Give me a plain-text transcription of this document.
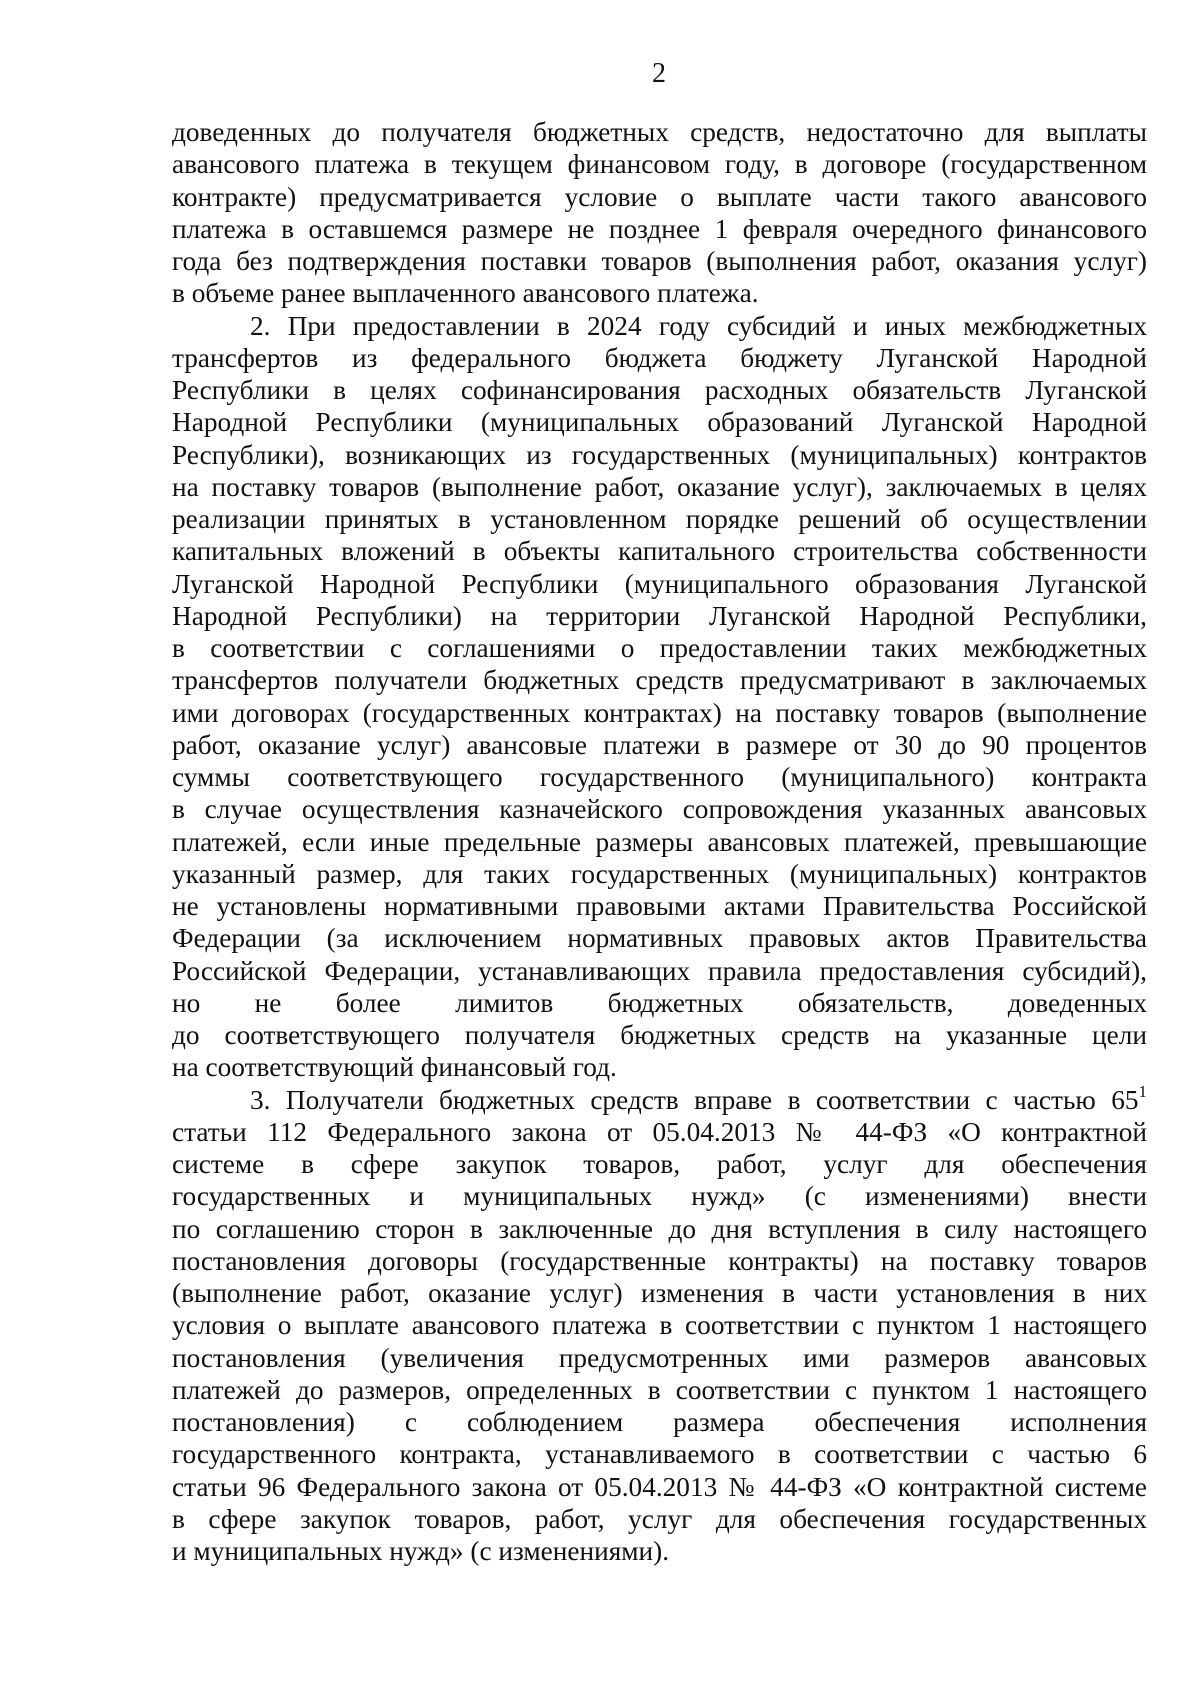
2
доведенных до получателя бюджетных средств, недостаточно для выплаты
авансового платежа в текущем финансовом году, в договоре (государственном
контракте) предусматривается условие о выплате части такого авансового
платежа в оставшемся размере не позднее 1 февраля очередного финансового
года без подтверждения поставки товаров (выполнения работ, оказания услуг)
в объеме ранее выплаченного авансового платежа.
2. При предоставлении в 2024 году субсидий и иных межбюджетных
трансфертов из федерального бюджета бюджету Луганской Народной
Республики в целях софинансирования расходных обязательств Луганской
Народной Республики (муниципальных образований Луганской Народной
Республики), возникающих из государственных (муниципальных) контрактов
на поставку товаров (выполнение работ, оказание услуг), заключаемых в целях
реализации принятых в установленном порядке решений об осуществлении
капитальных вложений в объекты капитального строительства собственности
Луганской Народной Республики (муниципального образования Луганской
Народной Республики) на территории Луганской Народной Республики,
в соответствии с соглашениями о предоставлении таких межбюджетных
трансфертов получатели бюджетных средств предусматривают в заключаемых
ими договорах (государственных контрактах) на поставку товаров (выполнение
работ, оказание услуг) авансовые платежи в размере от 30 до 90 процентов
суммы соответствующего государственного (муниципального) контракта
в случае осуществления казначейского сопровождения указанных авансовых
платежей, если иные предельные размеры авансовых платежей, превышающие
указанный размер, для таких государственных (муниципальных) контрактов
не установлены нормативными правовыми актами Правительства Российской
Федерации (за исключением нормативных правовых актов Правительства
Российской Федерации, устанавливающих правила предоставления субсидий),
но не более лимитов бюджетных обязательств, доведенных
до соответствующего получателя бюджетных средств на указанные цели
на соответствующий финансовый год.
3. Получатели бюджетных средств вправе в соответствии с частью $65^1$
статьи 112 Федерального закона от 05.04.2013 № 44-ФЗ «О контрактной
системе в сфере закупок товаров, работ, услуг для обеспечения
государственных и муниципальных нужд» (с изменениями) внести
по соглашению сторон в заключенные до дня вступления в силу настоящего
постановления договоры (государственные контракты) на поставку товаров
(выполнение работ, оказание услуг) изменения в части установления в них
условия о выплате авансового платежа в соответствии с пунктом 1 настоящего
постановления (увеличения предусмотренных ими размеров авансовых
платежей до размеров, определенных в соответствии с пунктом 1 настоящего
постановления) с соблюдением размера обеспечения исполнения
государственного контракта, устанавливаемого в соответствии с частью 6
статьи 96 Федерального закона от 05.04.2013 № 44-ФЗ «О контрактной системе
в сфере закупок товаров, работ, услуг для обеспечения государственных
и муниципальных нужд» (с изменениями).
